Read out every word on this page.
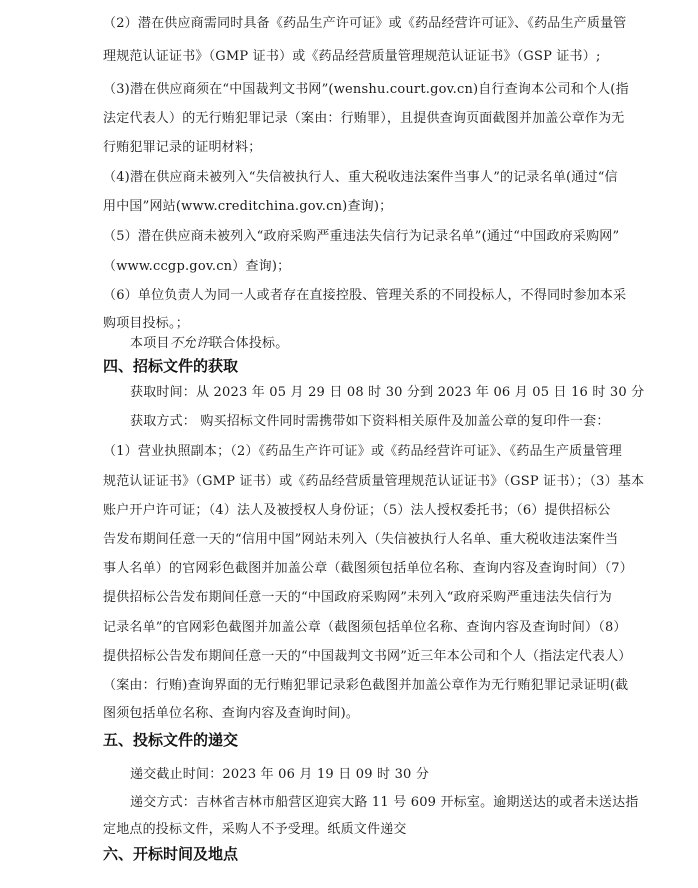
（2）潜在供应商需同时具备《药品生产许可证》或《药品经营许可证》、《药品生产质量管
理规范认证证书》（GMP 证书）或《药品经营质量管理规范认证证书》（GSP 证书）;
（3)潜在供应商须在“中国裁判文书网”(wenshu.court.gov.cn)自行查询本公司和个人(指
法定代表人）的无行贿犯罪记录（案由：行贿罪），且提供查询页面截图并加盖公章作为无
行贿犯罪记录的证明材料；
（4)潜在供应商未被列入“失信被执行人、重大税收违法案件当事人”的记录名单(通过“信
用中国”网站(www.creditchina.gov.cn)查询)；
（5）潜在供应商未被列入“政府采购严重违法失信行为记录名单”(通过“中国政府采购网”
（www.ccgp.gov.cn）查询)；
（6）单位负责人为同一人或者存在直接控股、管理关系的不同投标人，不得同时参加本采
购项目投标。；
本项目不允许联合体投标。
四、招标文件的获取
获取时间：从 2023 年 05 月 29 日 08 时 30 分到 2023 年 06 月 05 日 16 时 30 分
获取方式： 购买招标文件同时需携带如下资料相关原件及加盖公章的复印件一套：
（1）营业执照副本；（2）《药品生产许可证》或《药品经营许可证》、《药品生产质量管理
规范认证证书》（GMP 证书）或《药品经营质量管理规范认证证书》（GSP 证书）；（3）基本
账户开户许可证；（4）法人及被授权人身份证；（5）法人授权委托书；（6）提供招标公
告发布期间任意一天的“信用中国”网站未列入（失信被执行人名单、重大税收违法案件当
事人名单）的官网彩色截图并加盖公章（截图须包括单位名称、查询内容及查询时间）（7）
提供招标公告发布期间任意一天的“中国政府采购网”未列入“政府采购严重违法失信行为
记录名单”的官网彩色截图并加盖公章（截图须包括单位名称、查询内容及查询时间）（8）
提供招标公告发布期间任意一天的“中国裁判文书网”近三年本公司和个人（指法定代表人）
（案由：行贿)查询界面的无行贿犯罪记录彩色截图并加盖公章作为无行贿犯罪记录证明(截
图须包括单位名称、查询内容及查询时间)。
五、投标文件的递交
递交截止时间：2023 年 06 月 19 日 09 时 30 分
递交方式：吉林省吉林市船营区迎宾大路 11 号 609 开标室。逾期送达的或者未送达指
定地点的投标文件，采购人不予受理。纸质文件递交
六、开标时间及地点
